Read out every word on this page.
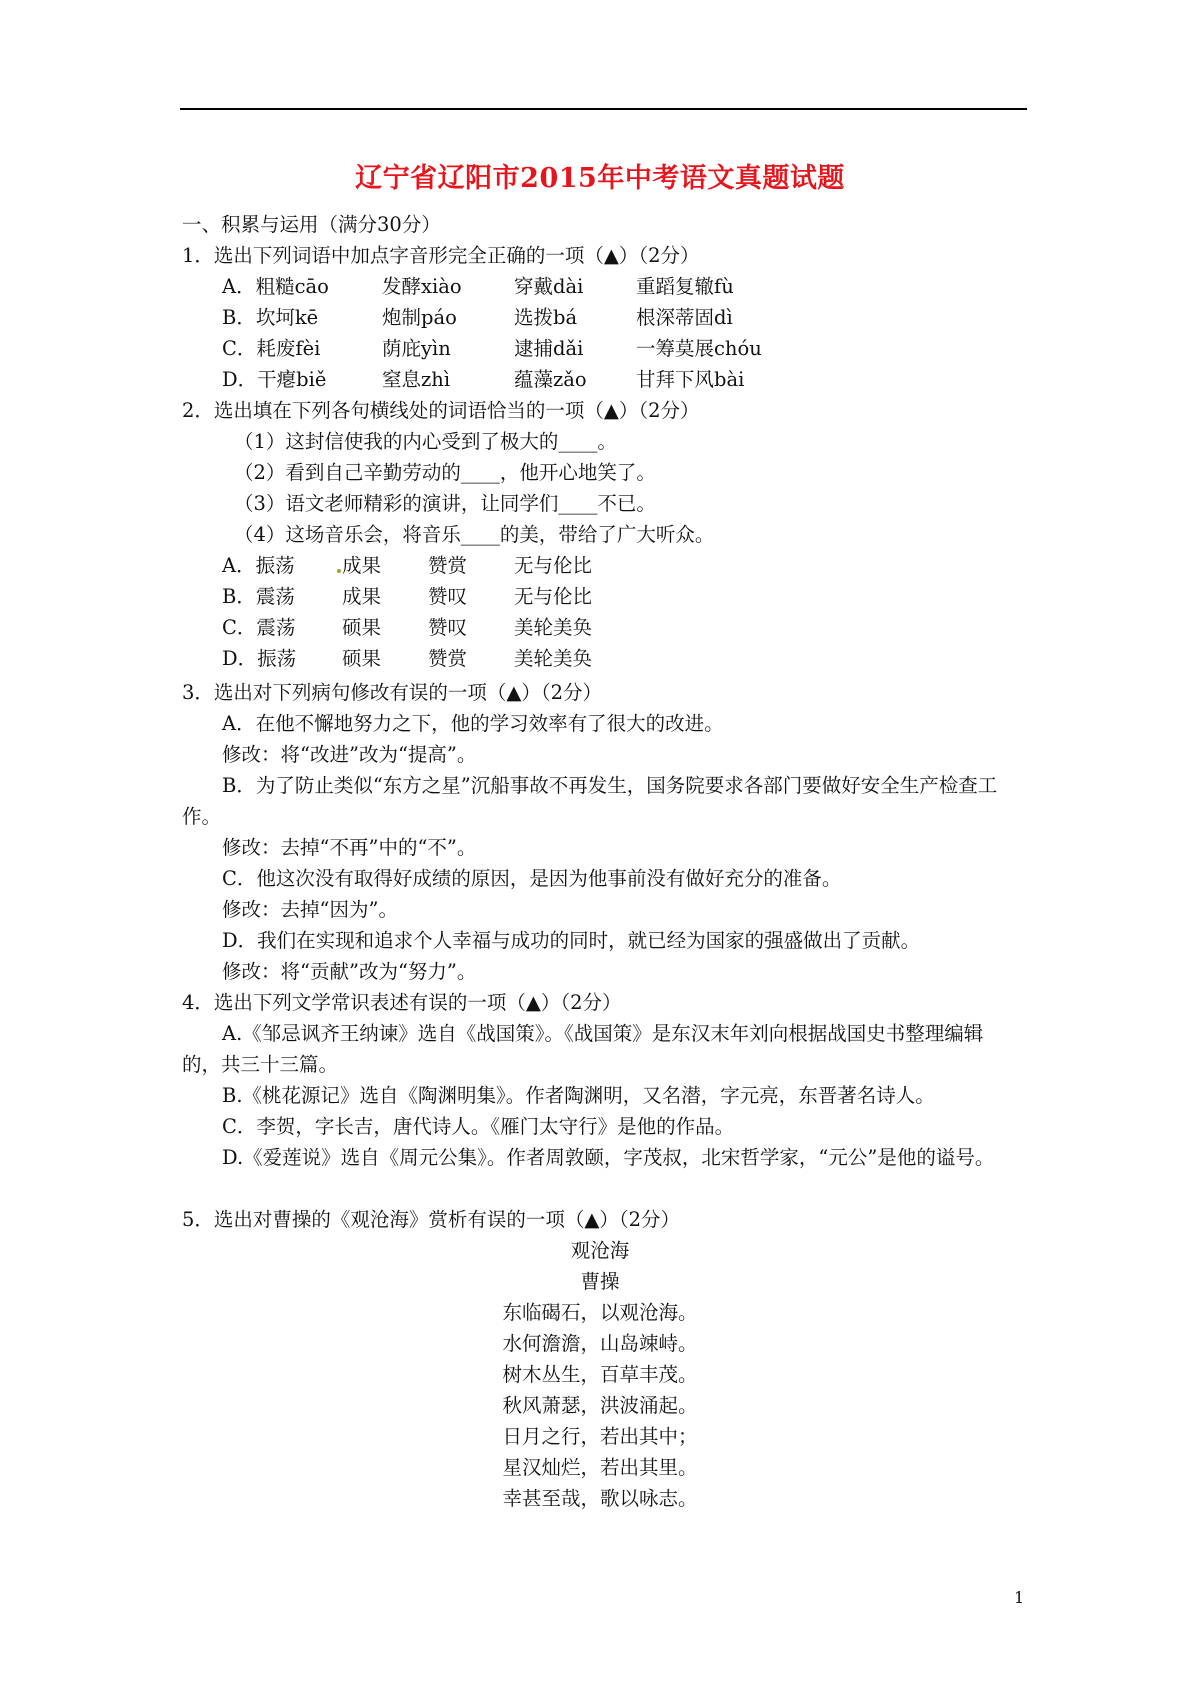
辽宁省辽阳市2015年中考语文真题试题
一、积累与运用（满分30分）
1．选出下列词语中加点字音形完全正确的一项（▲）（2分）
A．粗糙cāo	发酵xiào	穿戴dài	重蹈复辙fù
B．坎坷kē	炮制páo	选拨bá	根深蒂固dì
C．耗废fèi	荫庇yìn	逮捕dǎi	一筹莫展chóu
D．干瘪biě	窒息zhì	蕴藻zǎo	甘拜下风bài
2．选出填在下列各句横线处的词语恰当的一项（▲）（2分）
（1）这封信使我的内心受到了极大的____。
（2）看到自己辛勤劳动的____，他开心地笑了。
（3）语文老师精彩的演讲，让同学们____不已。
（4）这场音乐会，将音乐____的美，带给了广大听众。
A．振荡 成果 赞赏 无与伦比
B．震荡 成果 赞叹 无与伦比
C．震荡 硕果 赞叹 美轮美奂
D．振荡 硕果 赞赏 美轮美奂
3．选出对下列病句修改有误的一项（▲）（2分）
A．在他不懈地努力之下，他的学习效率有了很大的改进。
修改：将“改进”改为“提高”。
B．为了防止类似“东方之星”沉船事故不再发生，国务院要求各部门要做好安全生产检查工作。
修改：去掉“不再”中的“不”。
C．他这次没有取得好成绩的原因，是因为他事前没有做好充分的准备。
修改：去掉“因为”。
D．我们在实现和追求个人幸福与成功的同时，就已经为国家的强盛做出了贡献。
修改：将“贡献”改为“努力”。
4．选出下列文学常识表述有误的一项（▲）（2分）
A.《邹忌讽齐王纳谏》选自《战国策》。《战国策》是东汉末年刘向根据战国史书整理编辑的，共三十三篇。
B.《桃花源记》选自《陶渊明集》。作者陶渊明，又名潜，字元亮，东晋著名诗人。
C．李贺，字长吉，唐代诗人。《雁门太守行》是他的作品。
D.《爱莲说》选自《周元公集》。作者周敦颐，字茂叔，北宋哲学家，“元公”是他的谥号。
5．选出对曹操的《观沧海》赏析有误的一项（▲）（2分）
观沧海
曹操
东临碣石，以观沧海。
水何澹澹，山岛竦峙。
树木丛生，百草丰茂。
秋风萧瑟，洪波涌起。
日月之行，若出其中；
星汉灿烂，若出其里。
幸甚至哉，歌以咏志。
1
